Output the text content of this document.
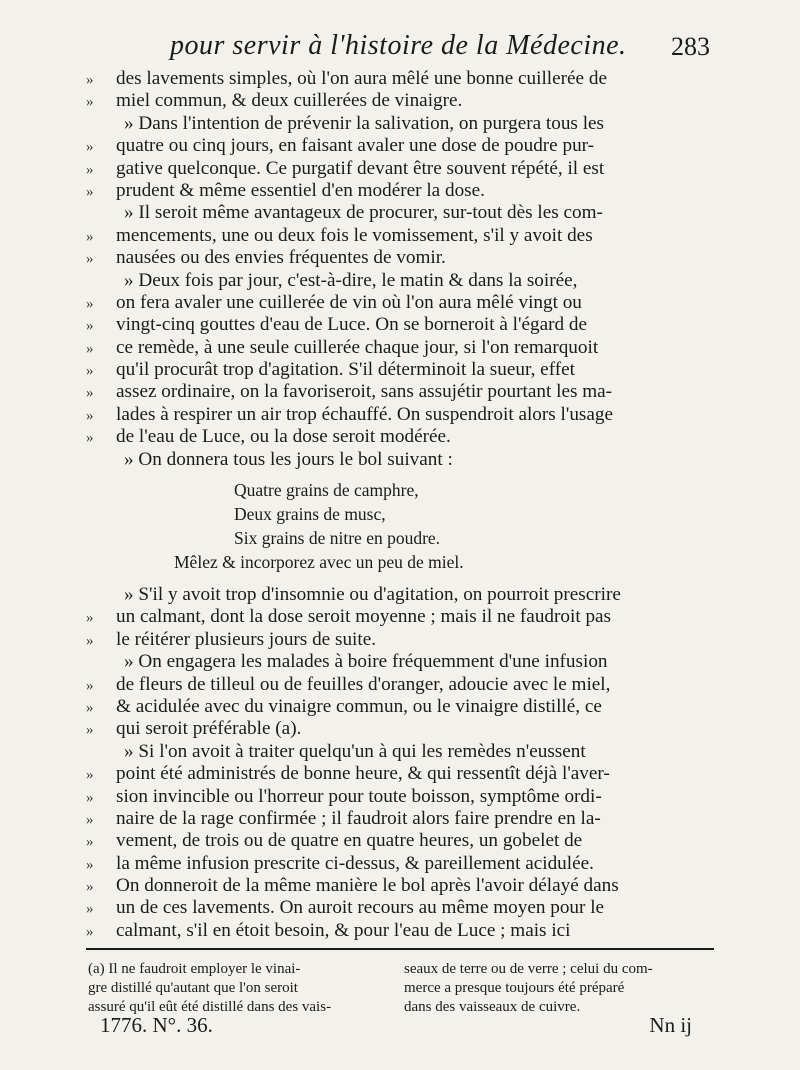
pour servir à l'histoire de la Médecine. 283
»	des lavements simples, où l'on aura mêlé une bonne cuillerée de
»	miel commun, & deux cuillerées de vinaigre.
» Dans l'intention de prévenir la salivation, on purgera tous les
»	quatre ou cinq jours, en faisant avaler une dose de poudre pur-
»	gative quelconque. Ce purgatif devant être souvent répété, il est
»	prudent & même essentiel d'en modérer la dose.
» Il seroit même avantageux de procurer, sur-tout dès les com-
»	mencements, une ou deux fois le vomissement, s'il y avoit des
»	nausées ou des envies fréquentes de vomir.
» Deux fois par jour, c'est-à-dire, le matin & dans la soirée,
»	on fera avaler une cuillerée de vin où l'on aura mêlé vingt ou
»	vingt-cinq gouttes d'eau de Luce. On se borneroit à l'égard de
»	ce remède, à une seule cuillerée chaque jour, si l'on remarquoit
»	qu'il procurât trop d'agitation. S'il déterminoit la sueur, effet
»	assez ordinaire, on la favoriseroit, sans assujétir pourtant les ma-
»	lades à respirer un air trop échauffé. On suspendroit alors l'usage
»	de l'eau de Luce, ou la dose seroit modérée.
» On donnera tous les jours le bol suivant :
Quatre grains de camphre,
Deux grains de musc,
Six grains de nitre en poudre.
Mêlez & incorporez avec un peu de miel.
» S'il y avoit trop d'insomnie ou d'agitation, on pourroit prescrire
»	un calmant, dont la dose seroit moyenne ; mais il ne faudroit pas
»	le réitérer plusieurs jours de suite.
» On engagera les malades à boire fréquemment d'une infusion
»	de fleurs de tilleul ou de feuilles d'oranger, adoucie avec le miel,
»	& acidulée avec du vinaigre commun, ou le vinaigre distillé, ce
»	qui seroit préférable (a).
» Si l'on avoit à traiter quelqu'un à qui les remèdes n'eussent
»	point été administrés de bonne heure, & qui ressentît déjà l'aver-
»	sion invincible ou l'horreur pour toute boisson, symptôme ordi-
»	naire de la rage confirmée ; il faudroit alors faire prendre en la-
»	vement, de trois ou de quatre en quatre heures, un gobelet de
»	la même infusion prescrite ci-dessus, & pareillement acidulée.
»	On donneroit de la même manière le bol après l'avoir délayé dans
»	un de ces lavements. On auroit recours au même moyen pour le
»	calmant, s'il en étoit besoin, & pour l'eau de Luce ; mais ici
(a) Il ne faudroit employer le vinai-
gre distillé qu'autant que l'on seroit
assuré qu'il eût été distillé dans des vais-
seaux de terre ou de verre ; celui du com-
merce a presque toujours été préparé
dans des vaisseaux de cuivre.
1776. N°. 36.	Nn ij
